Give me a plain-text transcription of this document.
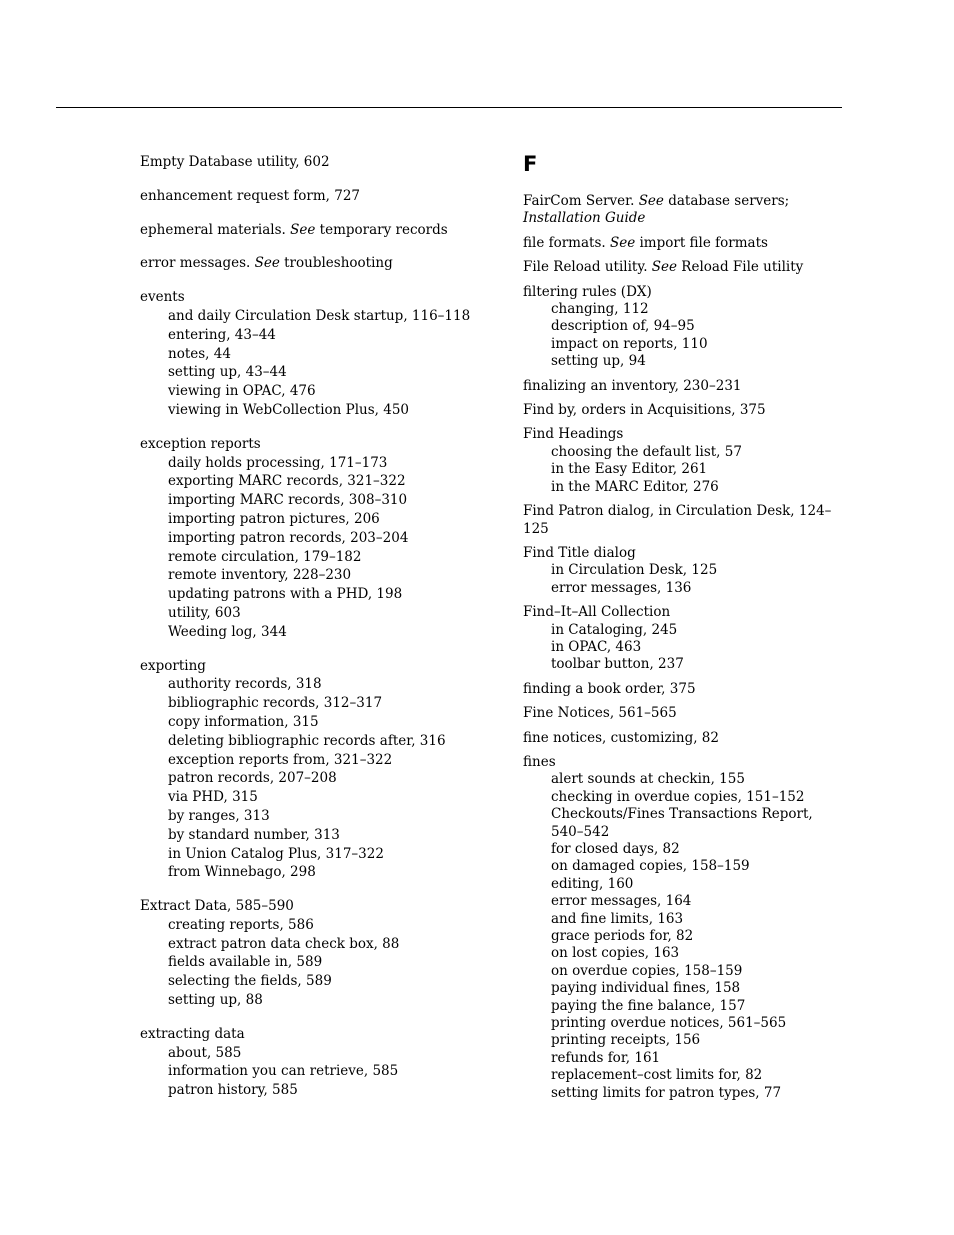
Empty Database utility, 602
enhancement request form, 727
ephemeral materials. See temporary records
error messages. See troubleshooting
events
and daily Circulation Desk startup, 116–118
entering, 43–44
notes, 44
setting up, 43–44
viewing in OPAC, 476
viewing in WebCollection Plus, 450
exception reports
daily holds processing, 171–173
exporting MARC records, 321–322
importing MARC records, 308–310
importing patron pictures, 206
importing patron records, 203–204
remote circulation, 179–182
remote inventory, 228–230
updating patrons with a PHD, 198
utility, 603
Weeding log, 344
exporting
authority records, 318
bibliographic records, 312–317
copy information, 315
deleting bibliographic records after, 316
exception reports from, 321–322
patron records, 207–208
via PHD, 315
by ranges, 313
by standard number, 313
in Union Catalog Plus, 317–322
from Winnebago, 298
Extract Data, 585–590
creating reports, 586
extract patron data check box, 88
fields available in, 589
selecting the fields, 589
setting up, 88
extracting data
about, 585
information you can retrieve, 585
patron history, 585
F
FairCom Server. See database servers; Installation Guide
file formats. See import file formats
File Reload utility. See Reload File utility
filtering rules (DX)
changing, 112
description of, 94–95
impact on reports, 110
setting up, 94
finalizing an inventory, 230–231
Find by, orders in Acquisitions, 375
Find Headings
choosing the default list, 57
in the Easy Editor, 261
in the MARC Editor, 276
Find Patron dialog, in Circulation Desk, 124–125
Find Title dialog
in Circulation Desk, 125
error messages, 136
Find–It–All Collection
in Cataloging, 245
in OPAC, 463
toolbar button, 237
finding a book order, 375
Fine Notices, 561–565
fine notices, customizing, 82
fines
alert sounds at checkin, 155
checking in overdue copies, 151–152
Checkouts/Fines Transactions Report, 540–542
for closed days, 82
on damaged copies, 158–159
editing, 160
error messages, 164
and fine limits, 163
grace periods for, 82
on lost copies, 163
on overdue copies, 158–159
paying individual fines, 158
paying the fine balance, 157
printing overdue notices, 561–565
printing receipts, 156
refunds for, 161
replacement–cost limits for, 82
setting limits for patron types, 77
